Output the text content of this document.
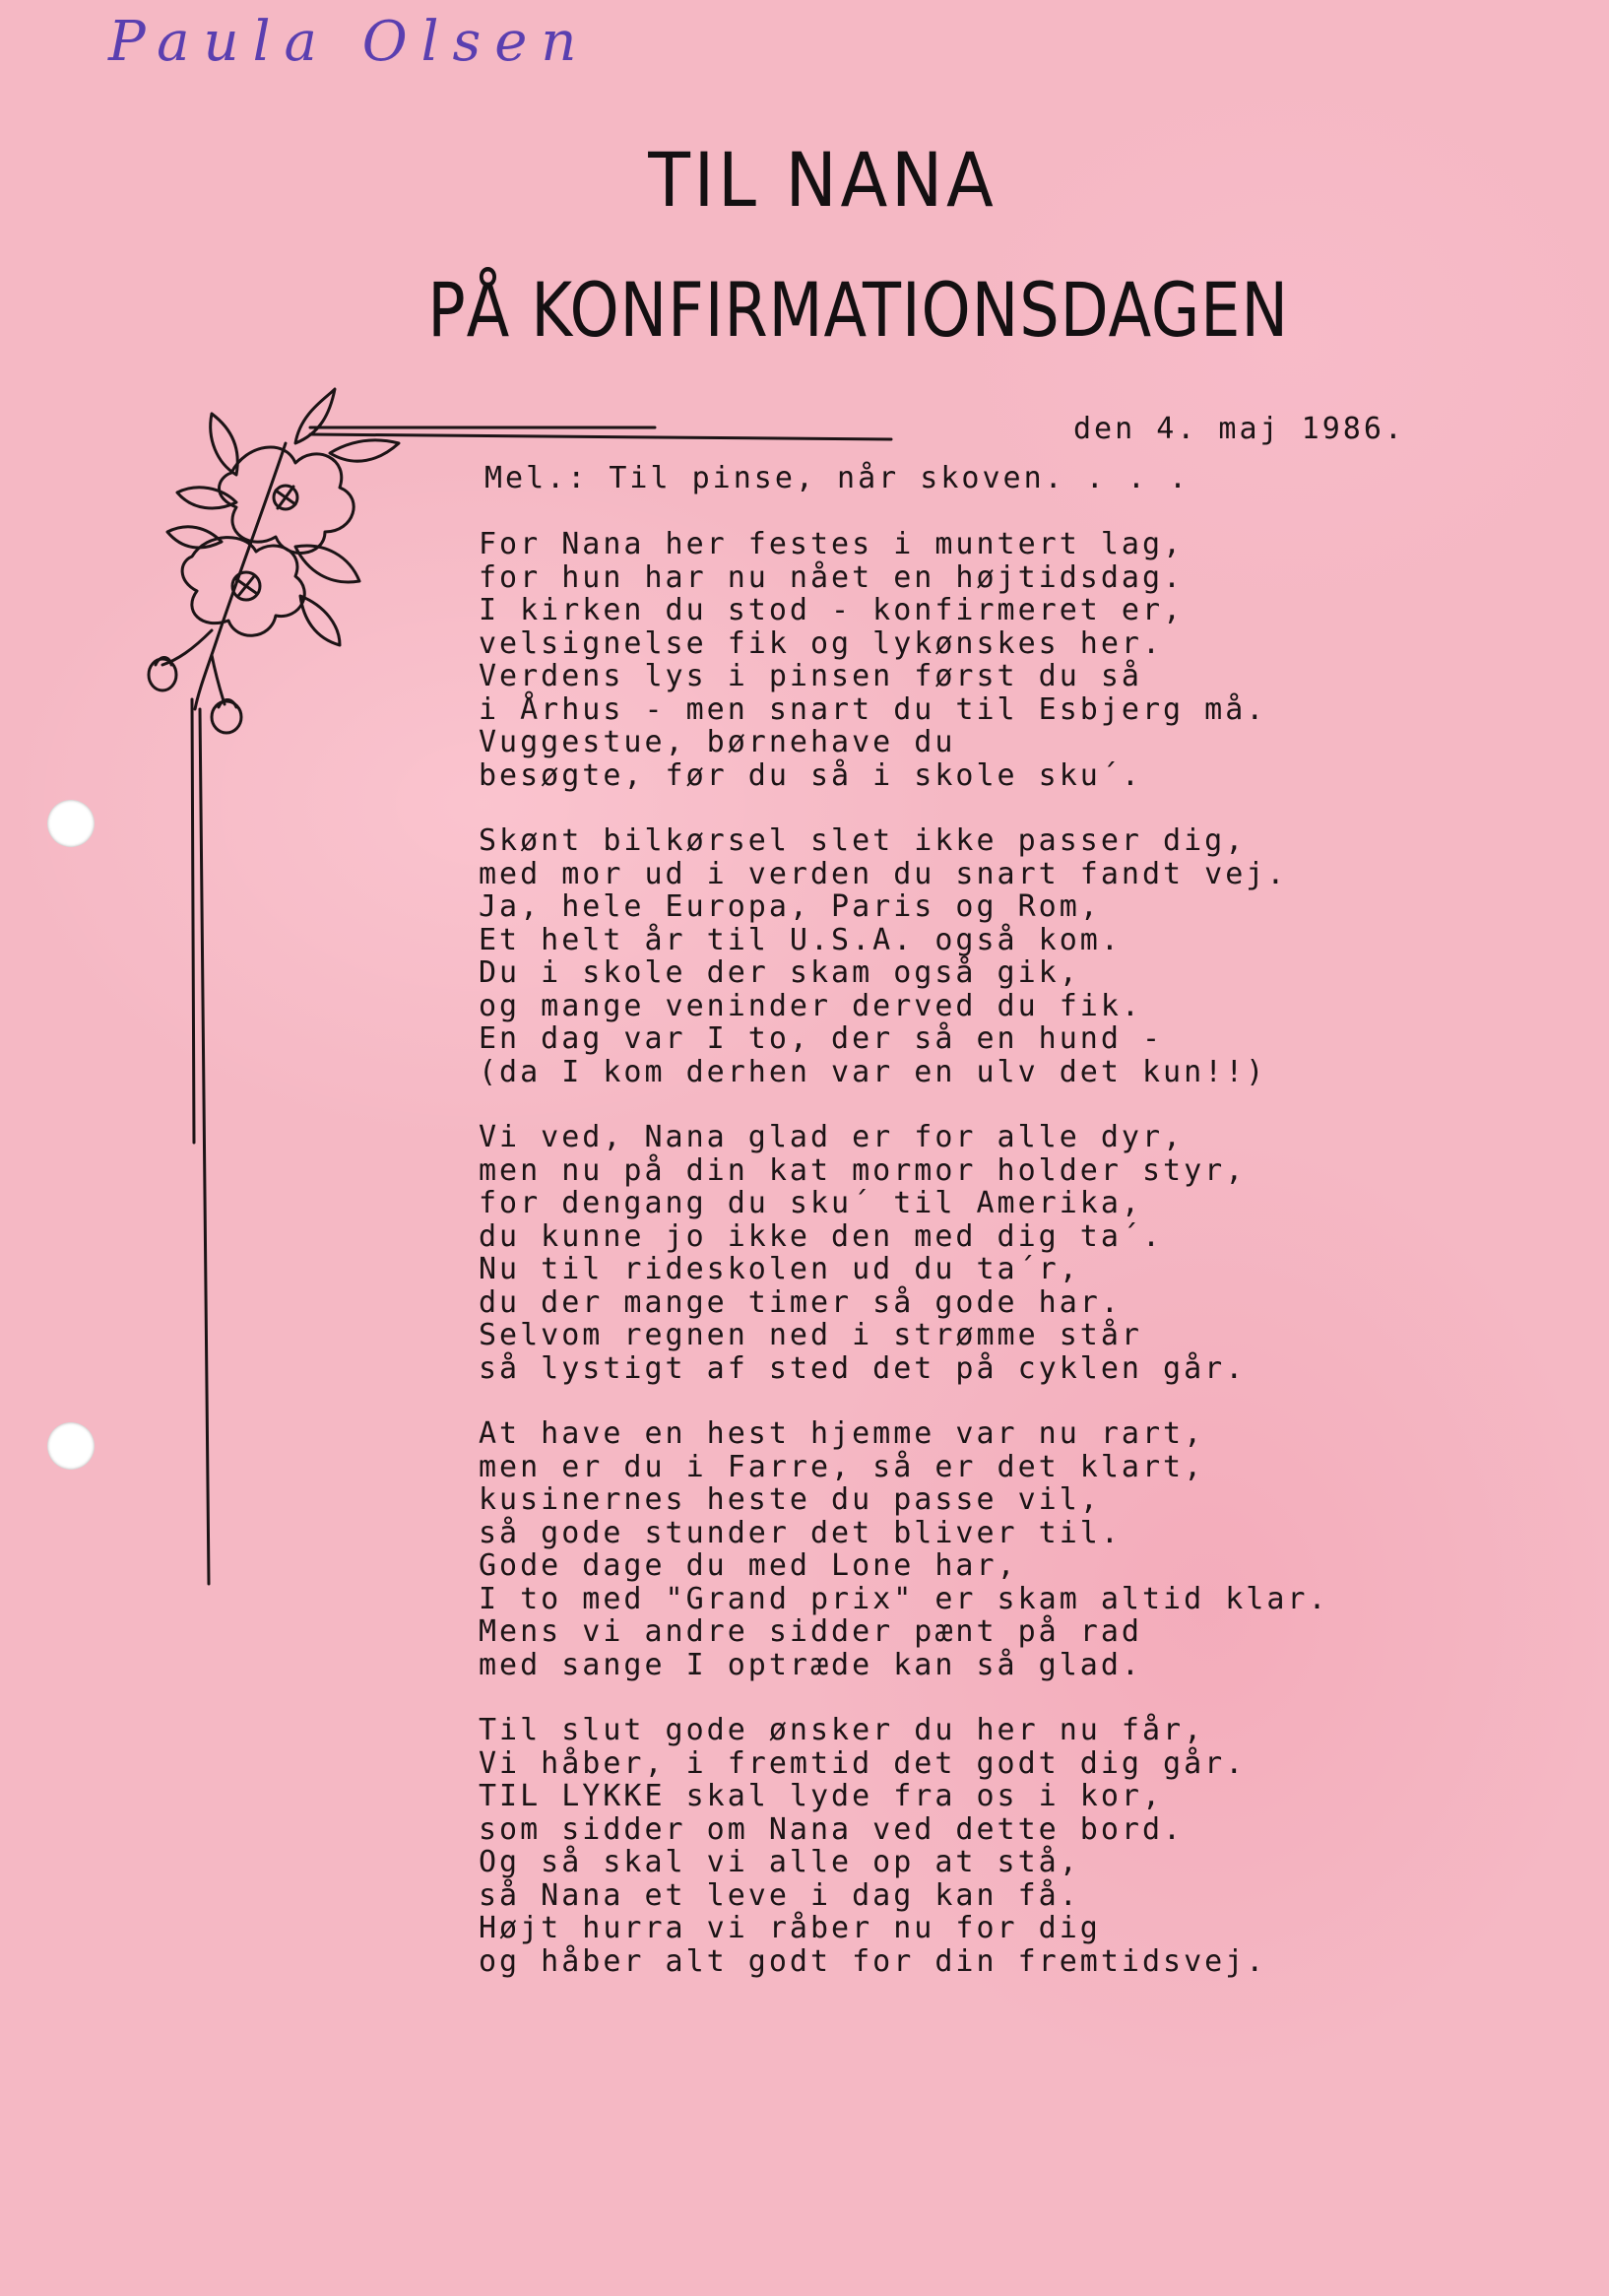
Paula Olsen
TIL NANA
PÅ KONFIRMATIONSDAGEN
den 4. maj 1986.
Mel.: Til pinse, når skoven. . . .
For Nana her festes i muntert lag,
for hun har nu nået en højtidsdag.
I kirken du stod - konfirmeret er,
velsignelse fik og lykønskes her.
Verdens lys i pinsen først du så
i Århus - men snart du til Esbjerg må.
Vuggestue, børnehave du
besøgte, før du så i skole sku´.
Skønt bilkørsel slet ikke passer dig,
med mor ud i verden du snart fandt vej.
Ja, hele Europa, Paris og Rom,
Et helt år til U.S.A. også kom.
Du i skole der skam også gik,
og mange veninder derved du fik.
En dag var I to, der så en hund -
(da I kom derhen var en ulv det kun!!)
Vi ved, Nana glad er for alle dyr,
men nu på din kat mormor holder styr,
for dengang du sku´ til Amerika,
du kunne jo ikke den med dig ta´.
Nu til rideskolen ud du ta´r,
du der mange timer så gode har.
Selvom regnen ned i strømme står
så lystigt af sted det på cyklen går.
At have en hest hjemme var nu rart,
men er du i Farre, så er det klart,
kusinernes heste du passe vil,
så gode stunder det bliver til.
Gode dage du med Lone har,
I to med "Grand prix" er skam altid klar.
Mens vi andre sidder pænt på rad
med sange I optræde kan så glad.
Til slut gode ønsker du her nu får,
Vi håber, i fremtid det godt dig går.
TIL LYKKE skal lyde fra os i kor,
som sidder om Nana ved dette bord.
Og så skal vi alle op at stå,
så Nana et leve i dag kan få.
Højt hurra vi råber nu for dig
og håber alt godt for din fremtidsvej.
